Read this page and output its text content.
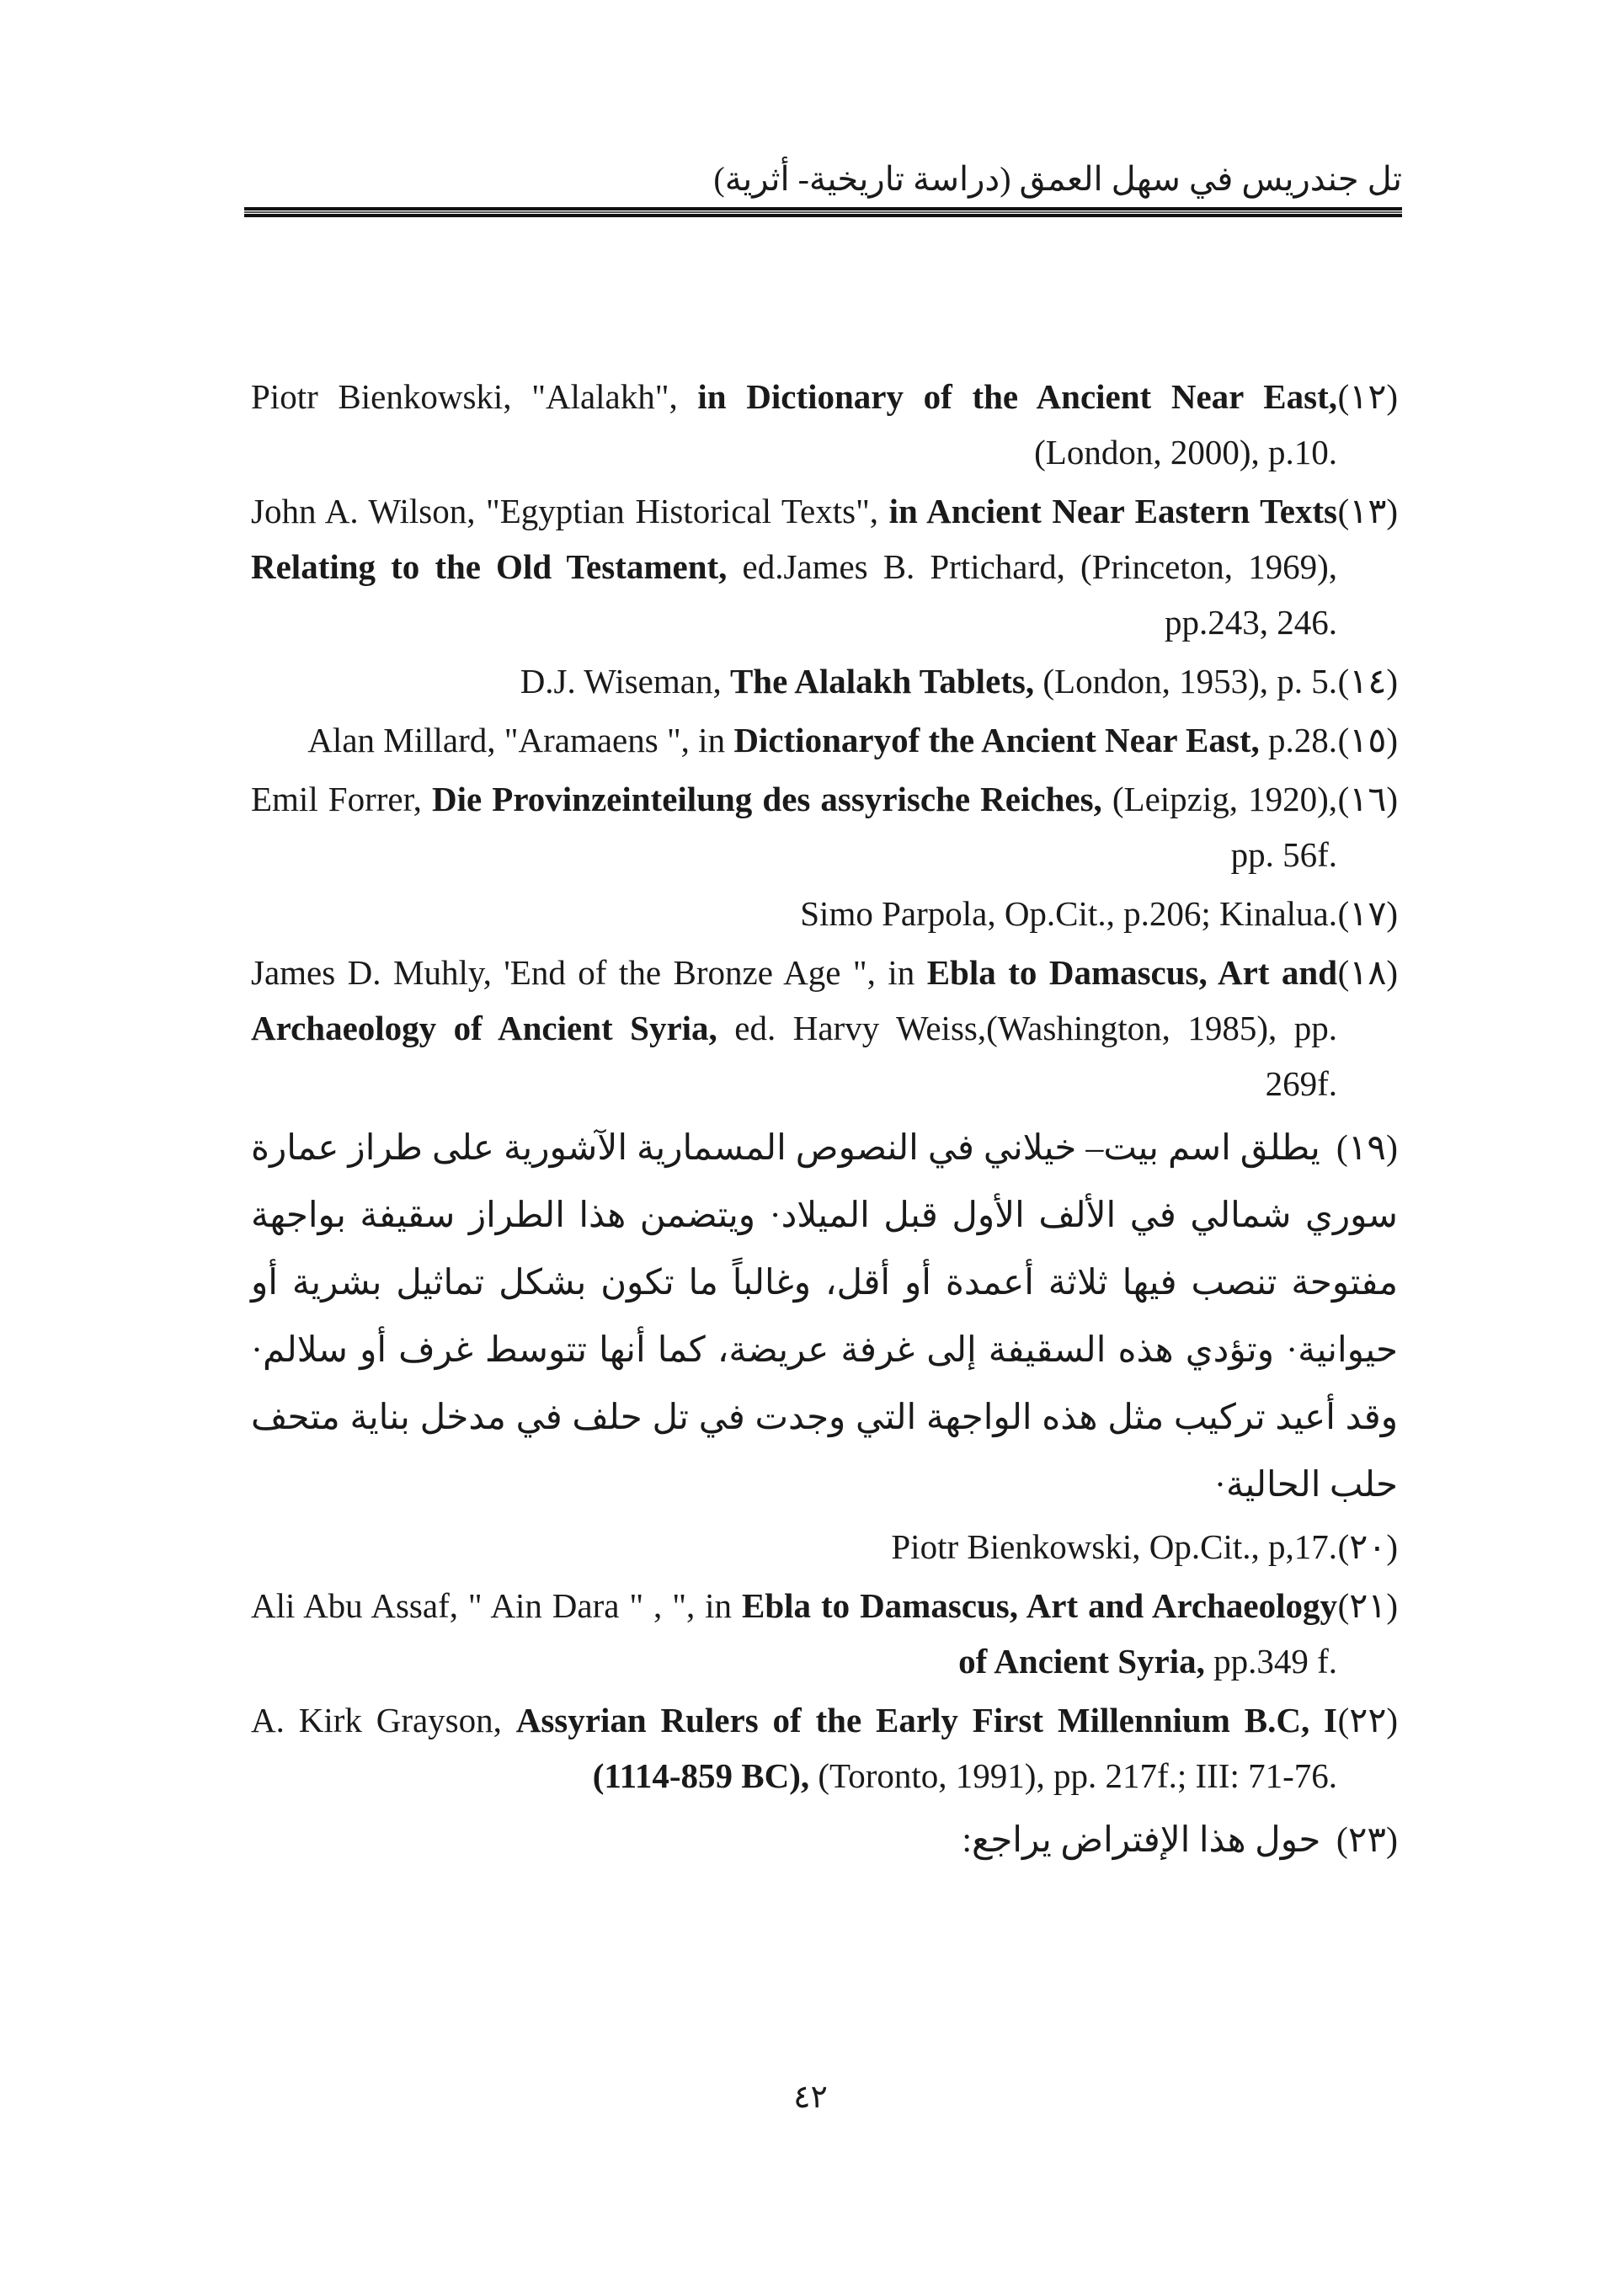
تل جندريس في سهل العمق (دراسة تاريخية- أثرية)
Piotr Bienkowski, "Alalakh", in Dictionary of the Ancient Near East, (London, 2000), p.10.
(١٢)
John A. Wilson, "Egyptian Historical Texts", in Ancient Near Eastern Texts Relating to the Old Testament, ed.James B. Prtichard, (Princeton, 1969), pp.243, 246.
(١٣)
D.J. Wiseman, The Alalakh Tablets, (London, 1953), p. 5. (١٤)
Alan Millard, "Aramaens ", in Dictionaryof the Ancient Near East, p.28. (١٥)
Emil Forrer, Die Provinzeinteilung des assyrische Reiches, (Leipzig, 1920), pp. 56f.
(١٦)
Simo Parpola, Op.Cit., p.206; Kinalua. (١٧)
James D. Muhly, 'End of the Bronze Age ", in Ebla to Damascus, Art and Archaeology of Ancient Syria, ed. Harvy Weiss,(Washington, 1985), pp. 269f.
(١٨)
(١٩) يطلق اسم بيت– خيلاني في النصوص المسمارية الآشورية على طراز عمارة سوري شمالي في الألف الأول قبل الميلاد· ويتضمن هذا الطراز سقيفة بواجهة مفتوحة تنصب فيها ثلاثة أعمدة أو أقل، وغالباً ما تكون بشكل تماثيل بشرية أو حيوانية· وتؤدي هذه السقيفة إلى غرفة عريضة، كما أنها تتوسط غرف أو سلالم· وقد أعيد تركيب مثل هذه الواجهة التي وجدت في تل حلف في مدخل بناية متحف حلب الحالية·
Piotr Bienkowski, Op.Cit., p,17. (٢٠)
Ali Abu Assaf, " Ain Dara " , ", in Ebla to Damascus, Art and Archaeology of Ancient Syria, pp.349 f.
(٢١)
A. Kirk Grayson, Assyrian Rulers of the Early First Millennium B.C, I (1114-859 BC), (Toronto, 1991), pp. 217f.; III: 71-76.
(٢٢)
(٢٣) حول هذا الإفتراض يراجع:
٤٢
